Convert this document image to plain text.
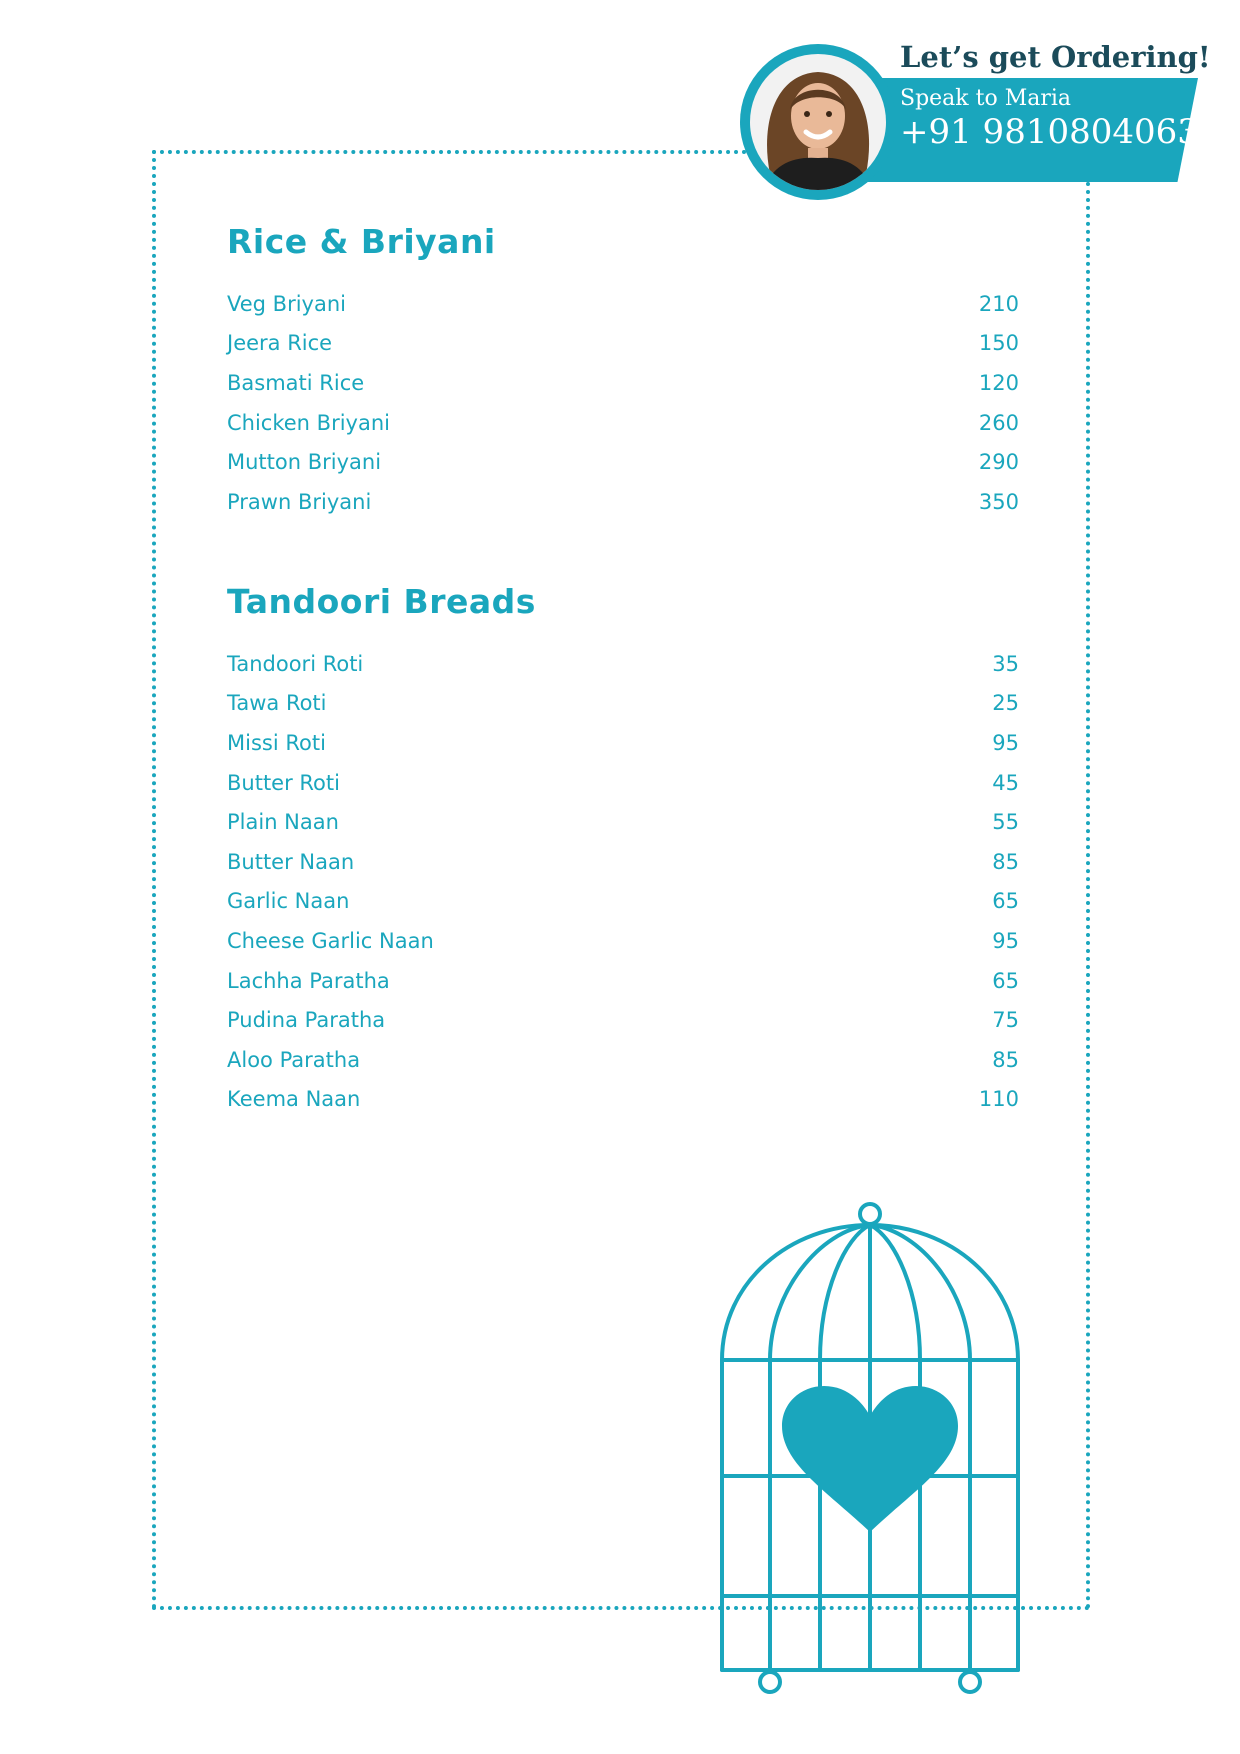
Let’s get Ordering!
Speak to Maria
+91 9810804063
Rice & Briyani
Veg Briyani	210
Jeera Rice	150
Basmati Rice	120
Chicken Briyani	260
Mutton Briyani	290
Prawn Briyani	350
Tandoori Breads
Tandoori Roti	35
Tawa Roti	25
Missi Roti	95
Butter Roti	45
Plain Naan	55
Butter Naan	85
Garlic Naan	65
Cheese Garlic Naan	95
Lachha Paratha	65
Pudina Paratha	75
Aloo Paratha	85
Keema Naan	110
